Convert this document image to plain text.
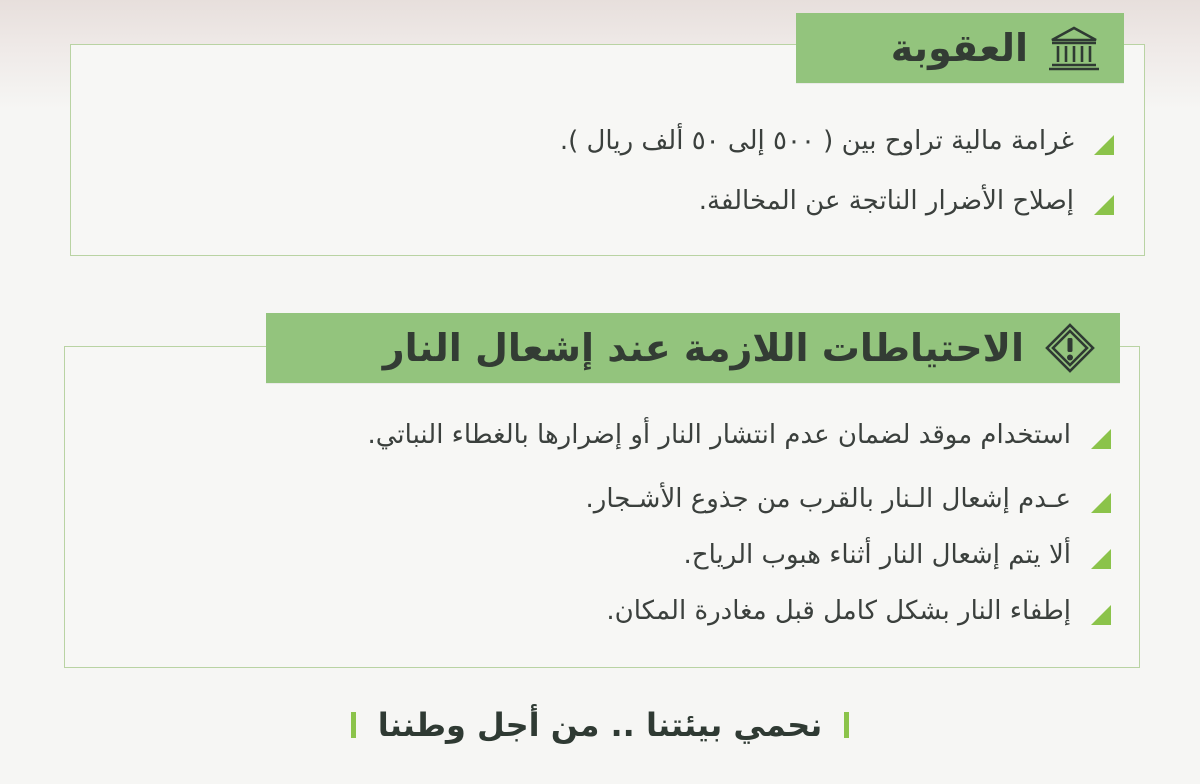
غرامة مالية تراوح بين ( ٥٠٠ إلى ٥٠ ألف ريال ).
إصلاح الأضرار الناتجة عن المخالفة.
العقوبة
استخدام موقد لضمان عدم انتشار النار أو إضرارها بالغطاء النباتي.
عـدم إشعال الـنار بالقرب من جذوع الأشـجار.
ألا يتم إشعال النار أثناء هبوب الرياح.
إطفاء النار بشكل كامل قبل مغادرة المكان.
الاحتياطات اللازمة عند إشعال النار
نحمي بيئتنا .. من أجل وطننا
